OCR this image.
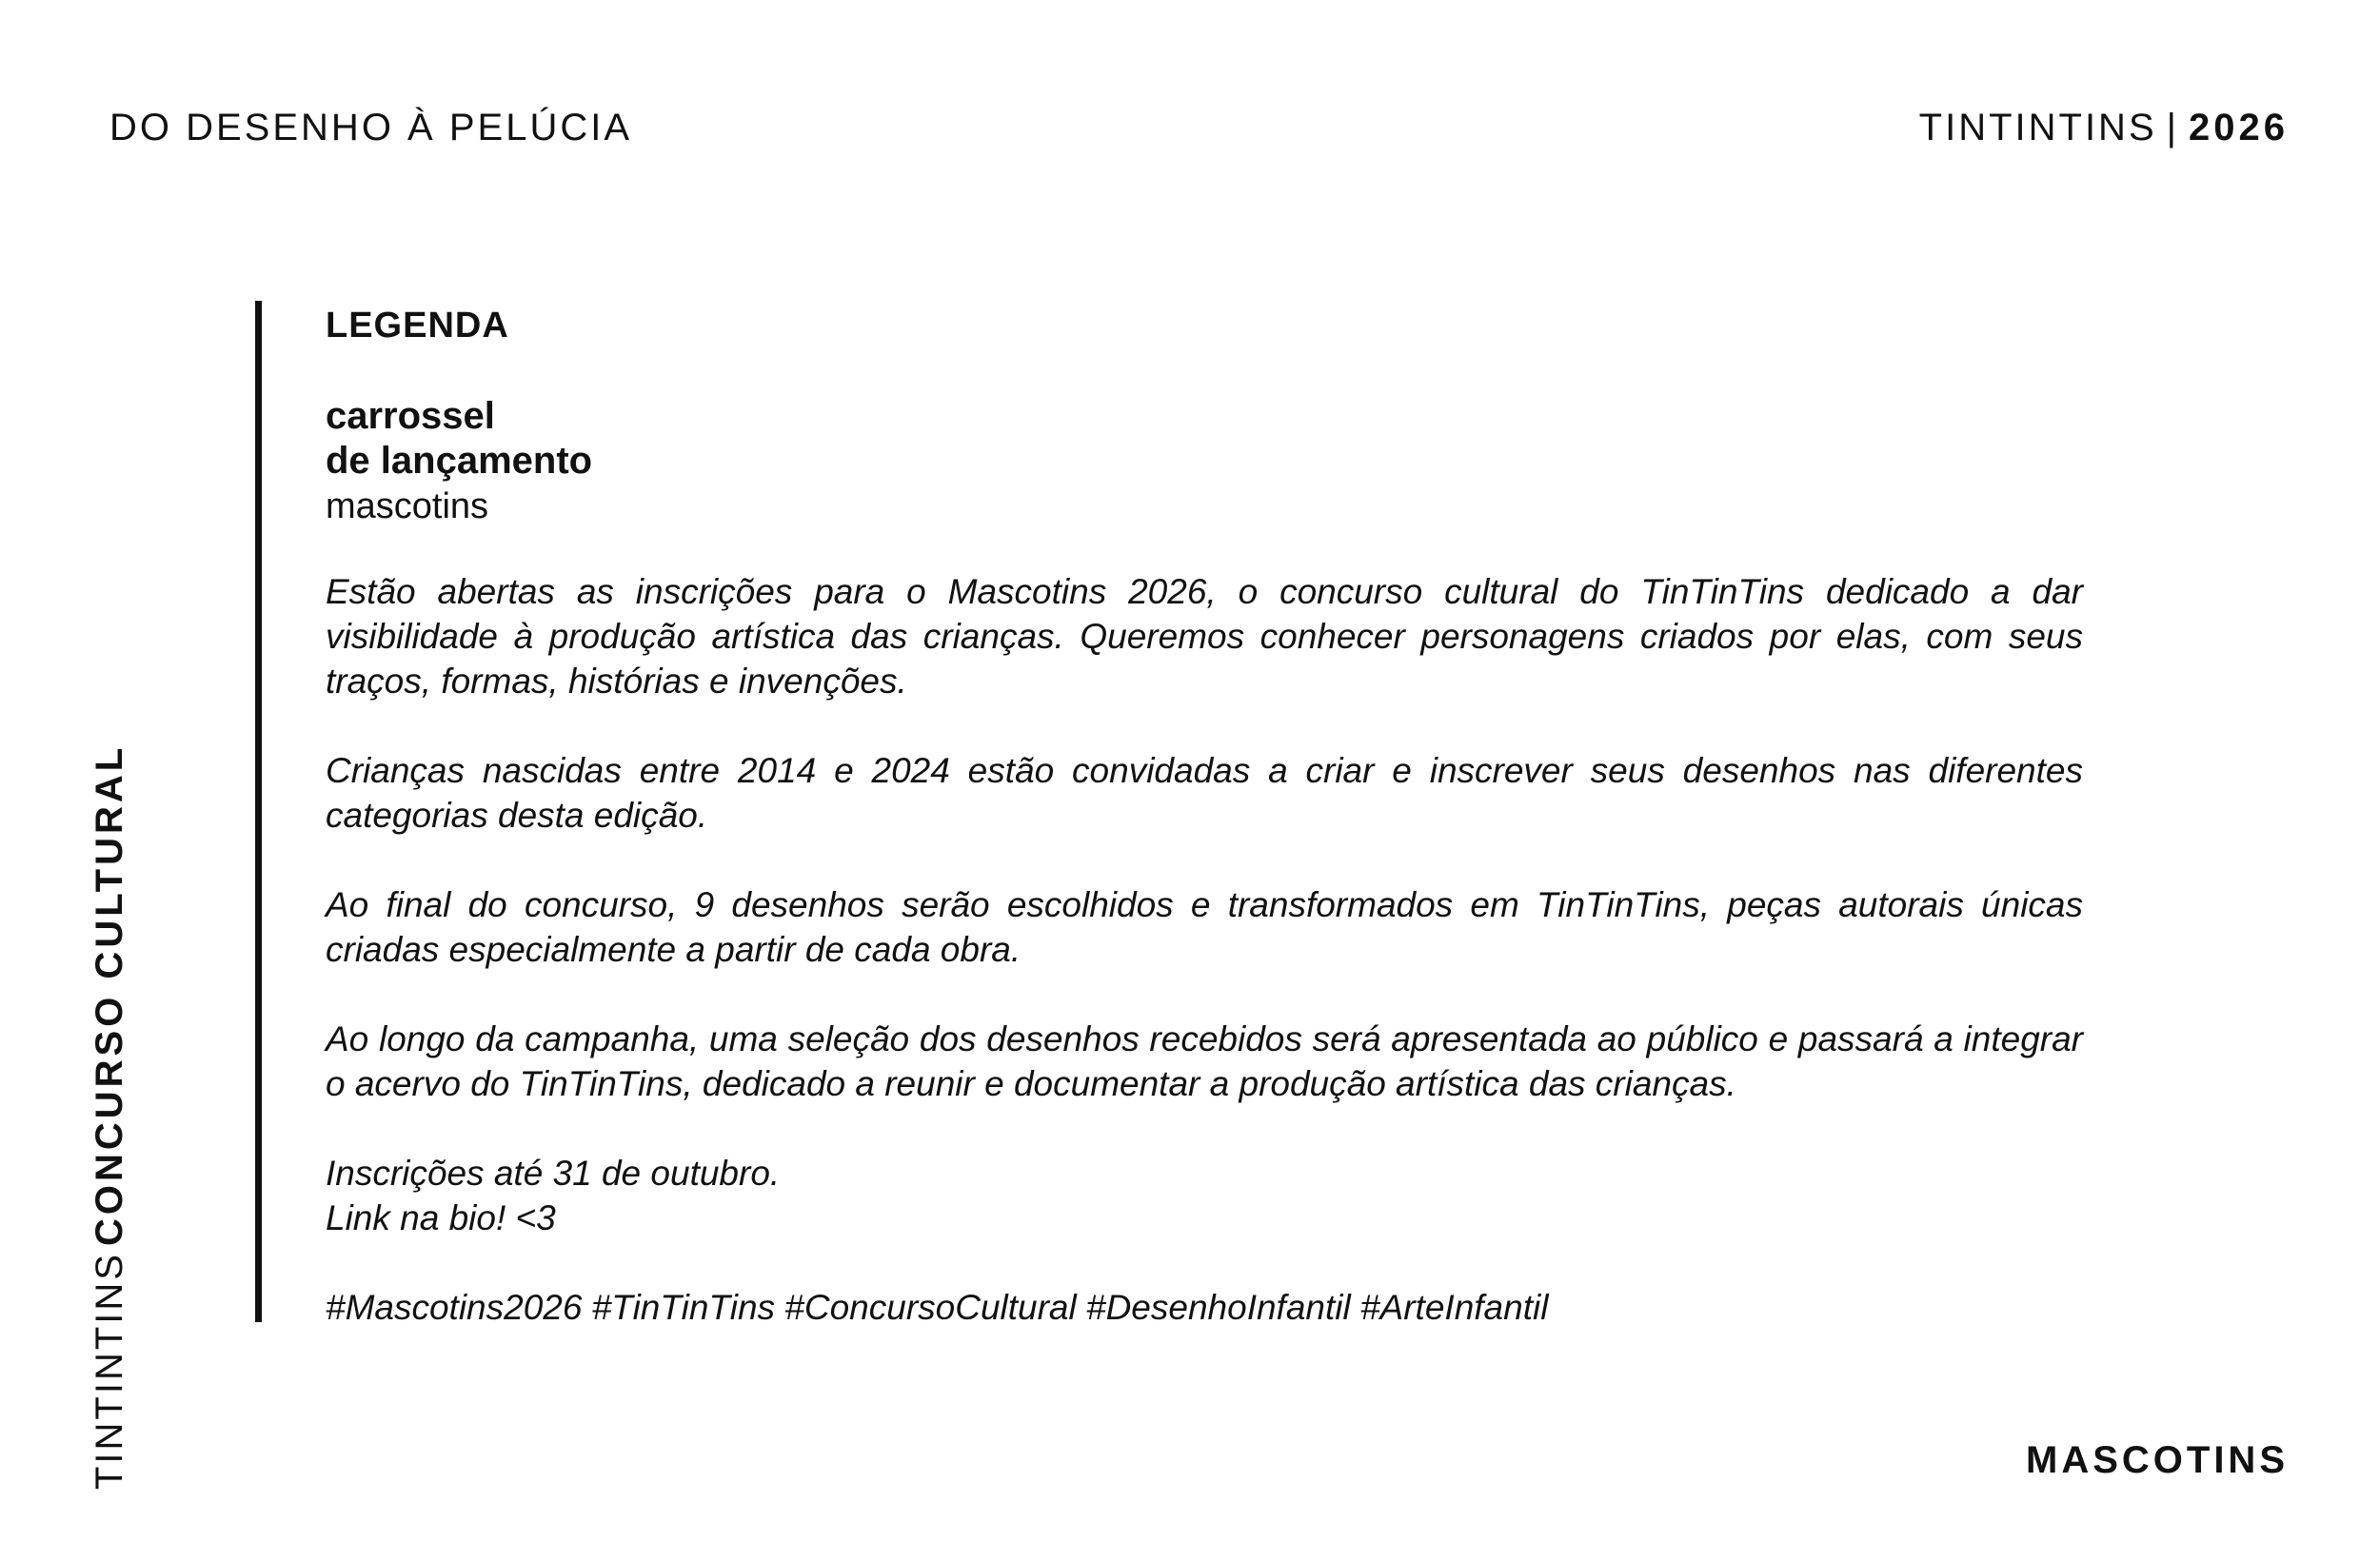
DO DESENHO À PELÚCIA	TINTINTINS | 2026
TINTINTINSCONCURSO CULTURAL
LEGENDA
carrossel
de lançamento
mascotins

Estão abertas as inscrições para o Mascotins 2026, o concurso cultural do TinTinTins dedicado a dar visibilidade à produção artística das crianças. Queremos conhecer personagens criados por elas, com seus traços, formas, histórias e invenções.

Crianças nascidas entre 2014 e 2024 estão convidadas a criar e inscrever seus desenhos nas diferentes categorias desta edição.

Ao final do concurso, 9 desenhos serão escolhidos e transformados em TinTinTins, peças autorais únicas criadas especialmente a partir de cada obra.

Ao longo da campanha, uma seleção dos desenhos recebidos será apresentada ao público e passará a integrar o acervo do TinTinTins, dedicado a reunir e documentar a produção artística das crianças.

Inscrições até 31 de outubro.
Link na bio! <3

#Mascotins2026 #TinTinTins #ConcursoCultural #DesenhoInfantil #ArteInfantil
MASCOTINS
